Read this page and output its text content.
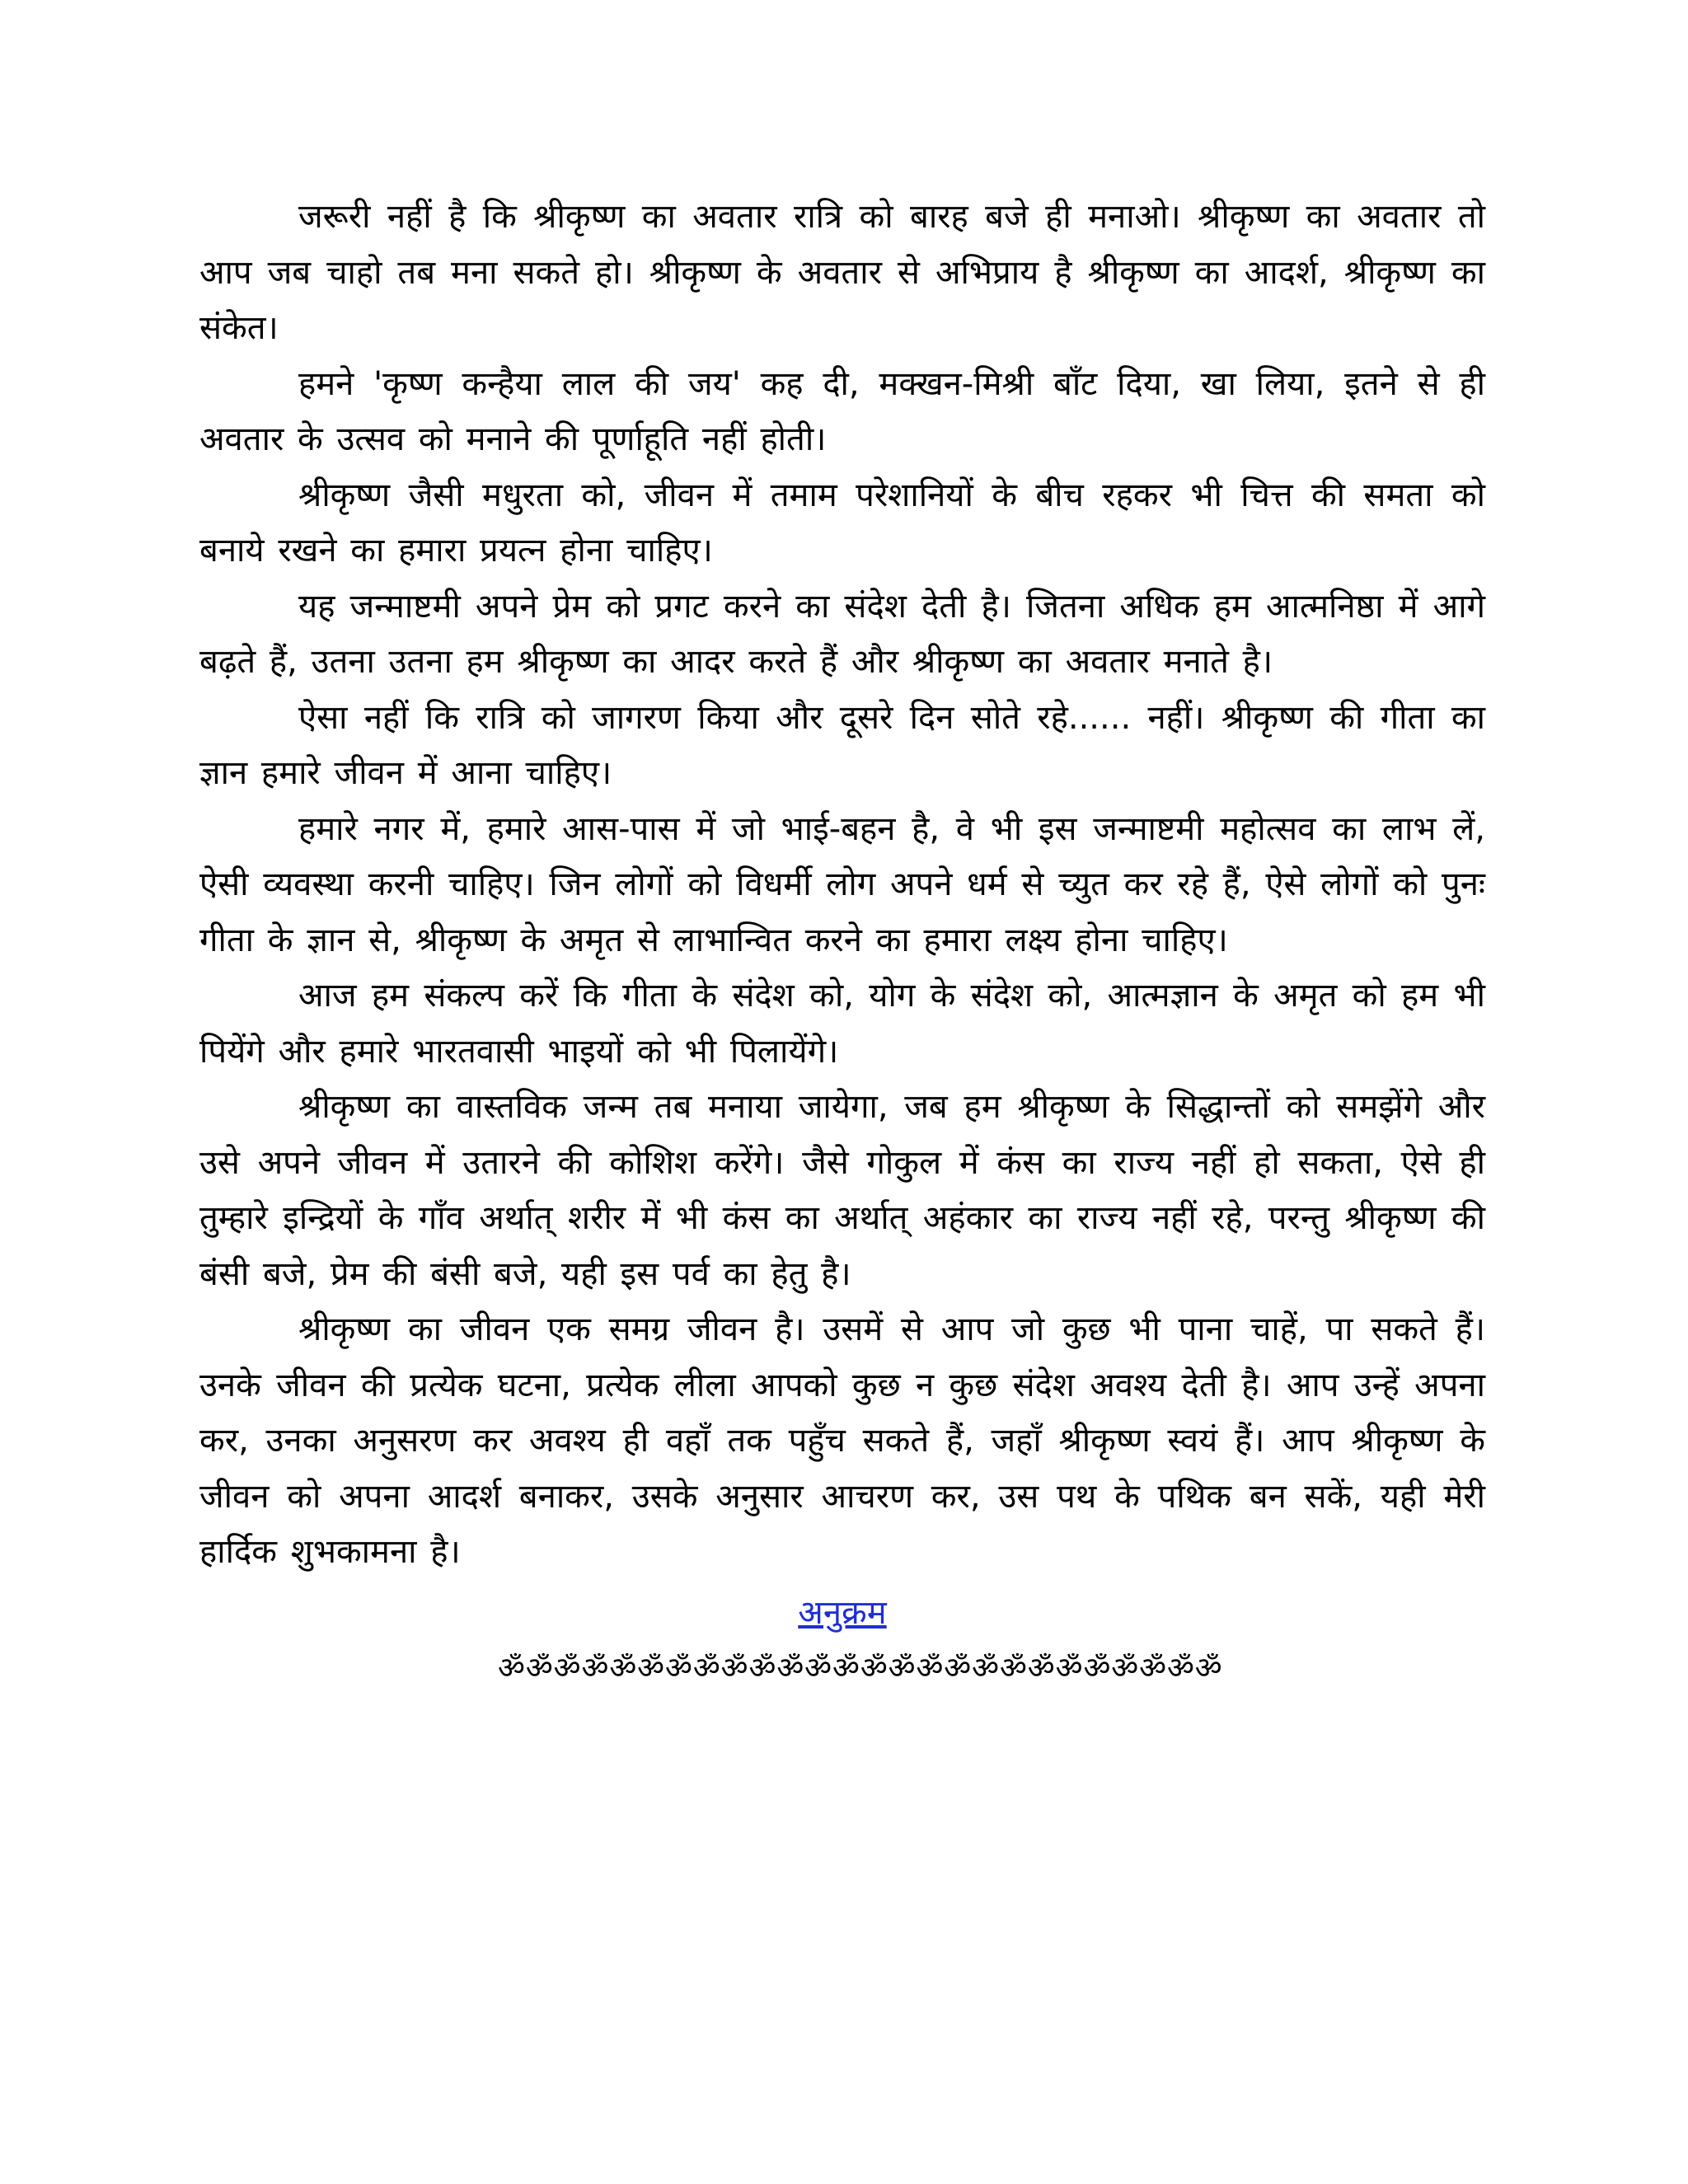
जरूरी नहीं है कि श्रीकृष्ण का अवतार रात्रि को बारह बजे ही मनाओ। श्रीकृष्ण का अवतार तो आप जब चाहो तब मना सकते हो। श्रीकृष्ण के अवतार से अभिप्राय है श्रीकृष्ण का आदर्श, श्रीकृष्ण का संकेत।

हमने 'कृष्ण कन्हैया लाल की जय' कह दी, मक्खन-मिश्री बाँट दिया, खा लिया, इतने से ही अवतार के उत्सव को मनाने की पूर्णाहूति नहीं होती।

श्रीकृष्ण जैसी मधुरता को, जीवन में तमाम परेशानियों के बीच रहकर भी चित्त की समता को बनाये रखने का हमारा प्रयत्न होना चाहिए।

यह जन्माष्टमी अपने प्रेम को प्रगट करने का संदेश देती है। जितना अधिक हम आत्मनिष्ठा में आगे बढ़ते हैं, उतना उतना हम श्रीकृष्ण का आदर करते हैं और श्रीकृष्ण का अवतार मनाते है।

ऐसा नहीं कि रात्रि को जागरण किया और दूसरे दिन सोते रहे...... नहीं। श्रीकृष्ण की गीता का ज्ञान हमारे जीवन में आना चाहिए।

हमारे नगर में, हमारे आस-पास में जो भाई-बहन है, वे भी इस जन्माष्टमी महोत्सव का लाभ लें, ऐसी व्यवस्था करनी चाहिए। जिन लोगों को विधर्मी लोग अपने धर्म से च्युत कर रहे हैं, ऐसे लोगों को पुनः गीता के ज्ञान से, श्रीकृष्ण के अमृत से लाभान्वित करने का हमारा लक्ष्य होना चाहिए।

आज हम संकल्प करें कि गीता के संदेश को, योग के संदेश को, आत्मज्ञान के अमृत को हम भी पियेंगे और हमारे भारतवासी भाइयों को भी पिलायेंगे।

श्रीकृष्ण का वास्तविक जन्म तब मनाया जायेगा, जब हम श्रीकृष्ण के सिद्धान्तों को समझेंगे और उसे अपने जीवन में उतारने की कोशिश करेंगे। जैसे गोकुल में कंस का राज्य नहीं हो सकता, ऐसे ही तुम्हारे इन्द्रियों के गाँव अर्थात् शरीर में भी कंस का अर्थात् अहंकार का राज्य नहीं रहे, परन्तु श्रीकृष्ण की बंसी बजे, प्रेम की बंसी बजे, यही इस पर्व का हेतु है।

श्रीकृष्ण का जीवन एक समग्र जीवन है। उसमें से आप जो कुछ भी पाना चाहें, पा सकते हैं। उनके जीवन की प्रत्येक घटना, प्रत्येक लीला आपको कुछ न कुछ संदेश अवश्य देती है। आप उन्हें अपना कर, उनका अनुसरण कर अवश्य ही वहाँ तक पहुँच सकते हैं, जहाँ श्रीकृष्ण स्वयं हैं। आप श्रीकृष्ण के जीवन को अपना आदर्श बनाकर, उसके अनुसार आचरण कर, उस पथ के पथिक बन सकें, यही मेरी हार्दिक शुभकामना है।

अनुक्रम
ॐॐॐॐॐॐॐॐॐॐॐॐॐॐॐॐॐॐॐॐॐॐॐॐॐॐ
